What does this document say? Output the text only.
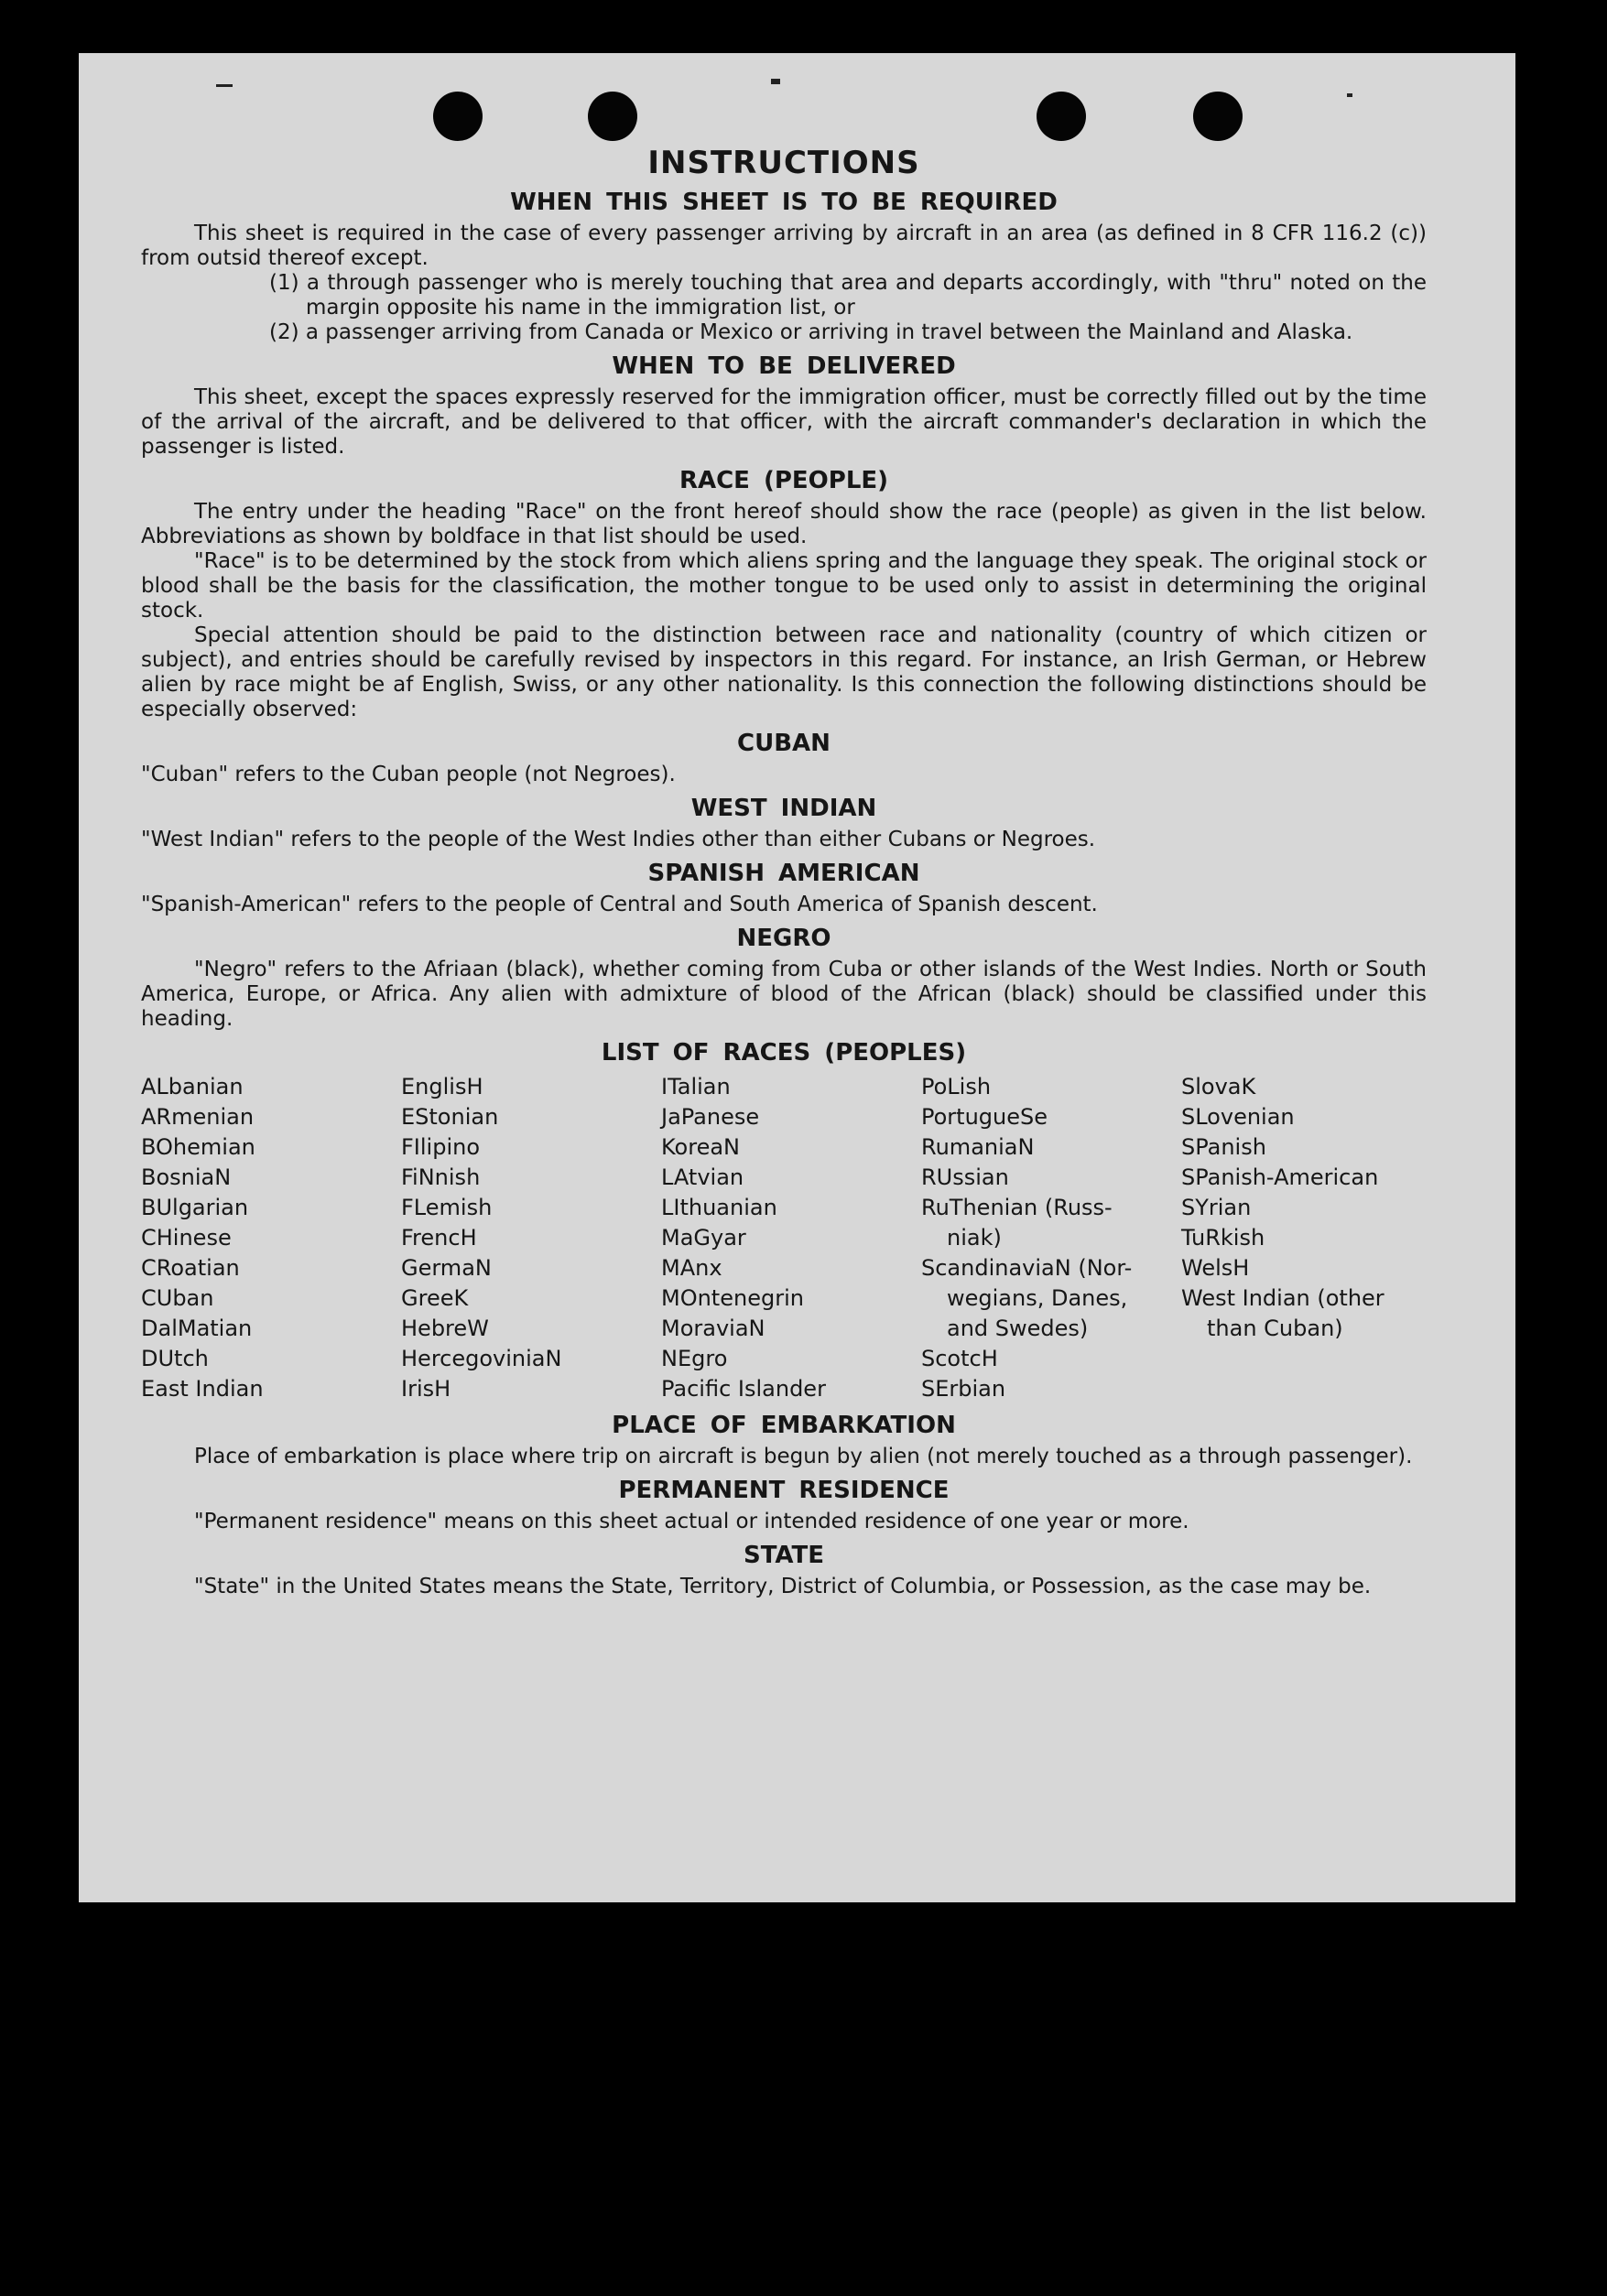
INSTRUCTIONS
WHEN THIS SHEET IS TO BE REQUIRED

This sheet is required in the case of every passenger arriving by aircraft in an area (as defined in 8 CFR 116.2 (c)) from outsid thereof except.

(1) a through passenger who is merely touching that area and departs accordingly, with "thru" noted on the margin opposite his name in the immigration list, or

(2) a passenger arriving from Canada or Mexico or arriving in travel between the Mainland and Alaska.

WHEN TO BE DELIVERED

This sheet, except the spaces expressly reserved for the immigration officer, must be correctly filled out by the time of the arrival of the aircraft, and be delivered to that officer, with the aircraft commander's declaration in which the passenger is listed.

RACE (PEOPLE)

The entry under the heading "Race" on the front hereof should show the race (people) as given in the list below. Abbreviations as shown by boldface in that list should be used.

"Race" is to be determined by the stock from which aliens spring and the language they speak. The original stock or blood shall be the basis for the classification, the mother tongue to be used only to assist in determining the original stock.

Special attention should be paid to the distinction between race and nationality (country of which citizen or subject), and entries should be carefully revised by inspectors in this regard. For instance, an Irish German, or Hebrew alien by race might be af English, Swiss, or any other nationality. Is this connection the following distinctions should be especially observed:

CUBAN

"Cuban" refers to the Cuban people (not Negroes).

WEST INDIAN

"West Indian" refers to the people of the West Indies other than either Cubans or Negroes.

SPANISH AMERICAN

"Spanish-American" refers to the people of Central and South America of Spanish descent.

NEGRO

"Negro" refers to the Afriaan (black), whether coming from Cuba or other islands of the West Indies. North or South America, Europe, or Africa. Any alien with admixture of blood of the African (black) should be classified under this heading.

LIST OF RACES (PEOPLES)
ALbanian
ARmenian
BOhemian
BosniaN
BUlgarian
CHinese
CRoatian
CUban
DalMatian
DUtch
East Indian
EnglisH
EStonian
FIlipino
FiNnish
FLemish
FrencH
GermaN
GreeK
HebreW
HercegoviniaN
IrisH
ITalian
JaPanese
KoreaN
LAtvian
LIthuanian
MaGyar
MAnx
MOntenegrin
MoraviaN
NEgro
Pacific Islander
PoLish
PortugueSe
RumaniaN
RUssian
RuThenian (Russ-
niak)
ScandinaviaN (Nor-
wegians, Danes,
and Swedes)
ScotcH
SErbian
SlovaK
SLovenian
SPanish
SPanish-American
SYrian
TuRkish
WelsH
West Indian (other
than Cuban)
PLACE OF EMBARKATION

Place of embarkation is place where trip on aircraft is begun by alien (not merely touched as a through passenger).

PERMANENT RESIDENCE

"Permanent residence" means on this sheet actual or intended residence of one year or more.

STATE

"State" in the United States means the State, Territory, District of Columbia, or Possession, as the case may be.
